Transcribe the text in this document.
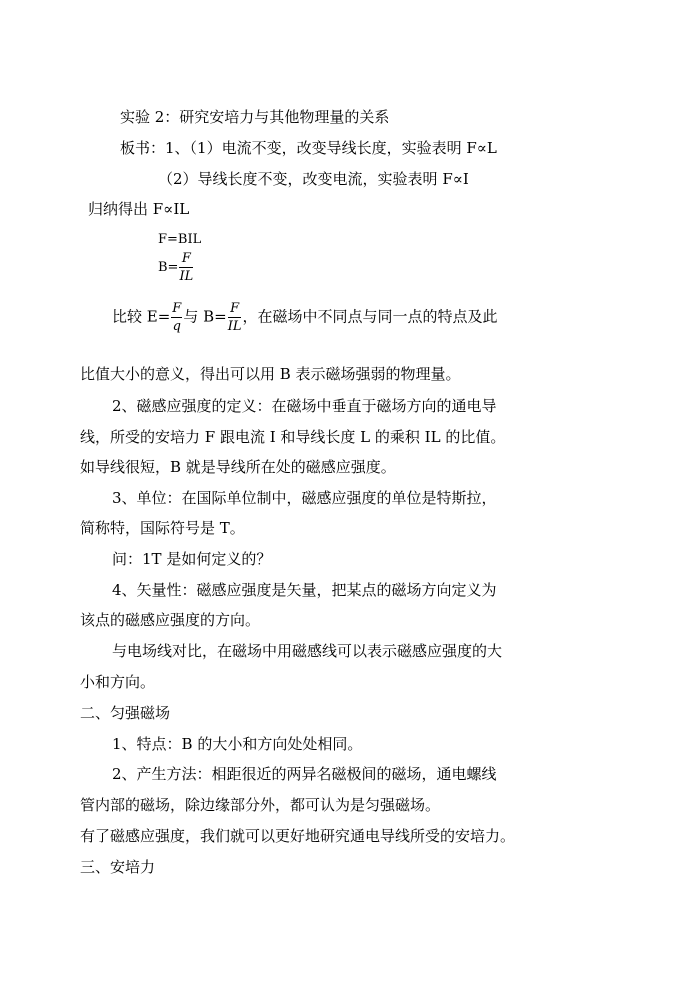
实验 2：研究安培力与其他物理量的关系
板书：1、（1）电流不变，改变导线长度，实验表明 F∝L
（2）导线长度不变，改变电流，实验表明 F∝I
归纳得出 F∝IL
F=BIL
$B= \frac{F}{IL}$
比较 $E= \frac{F}{q}$ 与 $B= \frac{F}{IL}$ ，在磁场中不同点与同一点的特点及此
比值大小的意义，得出可以用 B 表示磁场强弱的物理量。
2、磁感应强度的定义：在磁场中垂直于磁场方向的通电导
线，所受的安培力 F 跟电流 I 和导线长度 L 的乘积 IL 的比值。
如导线很短，B 就是导线所在处的磁感应强度。
3、单位：在国际单位制中，磁感应强度的单位是特斯拉，
简称特，国际符号是 T。
问：1T 是如何定义的？
4、矢量性：磁感应强度是矢量，把某点的磁场方向定义为
该点的磁感应强度的方向。
与电场线对比，在磁场中用磁感线可以表示磁感应强度的大
小和方向。
二、匀强磁场
1、特点：B 的大小和方向处处相同。
2、产生方法：相距很近的两异名磁极间的磁场，通电螺线
管内部的磁场，除边缘部分外，都可认为是匀强磁场。
有了磁感应强度，我们就可以更好地研究通电导线所受的安培力。
三、安培力
